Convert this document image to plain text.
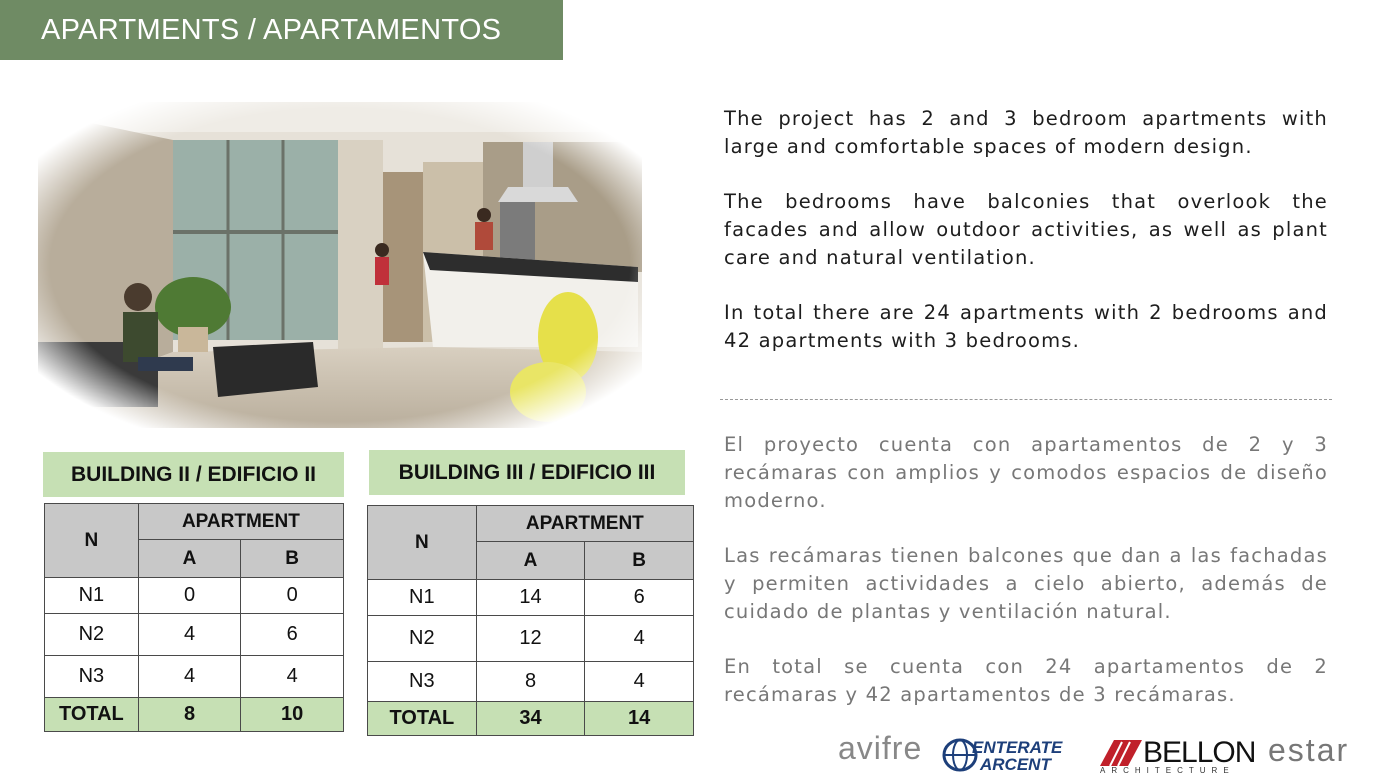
APARTMENTS / APARTAMENTOS
BUILDING II / EDIFICIO II
N	APARTMENT	
	A	B
N1	0	0
N2	4	6
N3	4	4
TOTAL	8	10
BUILDING III / EDIFICIO III
N	APARTMENT	
	A	B
N1	14	6
N2	12	4
N3	8	4
TOTAL	34	14

The project has 2 and 3 bedroom apartments with large and comfortable spaces of modern design.

The bedrooms have balconies that overlook the facades and allow outdoor activities, as well as plant care and natural ventilation.

In total there are 24 apartments with 2 bedrooms and 42 apartments with 3 bedrooms.

El proyecto cuenta con apartamentos de 2 y 3 recámaras con amplios y comodos espacios de diseño moderno.

Las recámaras tienen balcones que dan a las fachadas y permiten actividades a cielo abierto, además de cuidado de plantas y ventilación natural.

En total se cuenta con 24 apartamentos de 2 recámaras y 42 apartamentos de 3 recámaras.

avifre	ENTERATE
ARCENT	BELLON
ARCHITECTURE
estar
